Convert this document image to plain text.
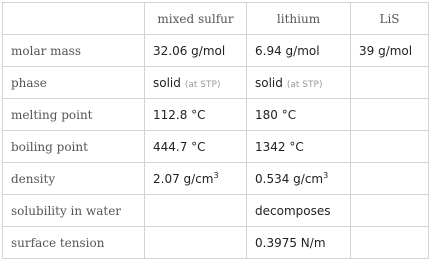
	mixed sulfur	lithium	LiS
molar mass	32.06 g/mol	6.94 g/mol	39 g/mol
phase	solid (at STP)	solid (at STP)	
melting point	112.8 °C	180 °C	
boiling point	444.7 °C	1342 °C	
density	2.07 $g/cm^3$	0.534 $g/cm^3$	
solubility in water		decomposes	
surface tension		0.3975 N/m	
